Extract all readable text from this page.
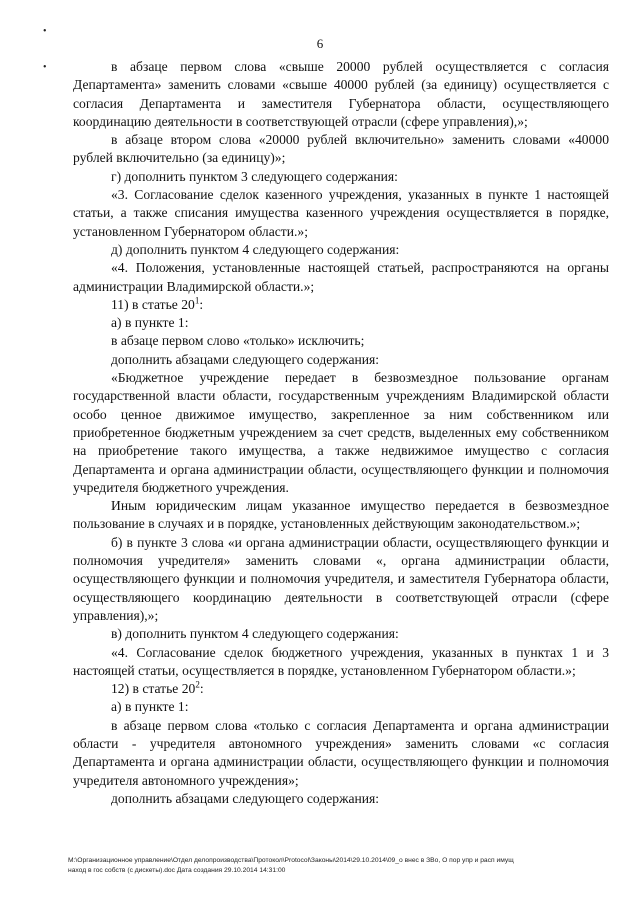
•
•
6

в абзаце первом слова «свыше 20000 рублей осуществляется с согласия Департамента» заменить словами «свыше 40000 рублей (за единицу) осуществляется с согласия Департамента и заместителя Губернатора области, осуществляющего координацию деятельности в соответствующей отрасли (сфере управления),»;

в абзаце втором слова «20000 рублей включительно» заменить словами «40000 рублей включительно (за единицу)»;

г) дополнить пунктом 3 следующего содержания:

«3. Согласование сделок казенного учреждения, указанных в пункте 1 настоящей статьи, а также списания имущества казенного учреждения осуществляется в порядке, установленном Губернатором области.»;

д) дополнить пунктом 4 следующего содержания:

«4. Положения, установленные настоящей статьей, распространяются на органы администрации Владимирской области.»;

11) в статье $20^1$:

а) в пункте 1:

в абзаце первом слово «только» исключить;

дополнить абзацами следующего содержания:

«Бюджетное учреждение передает в безвозмездное пользование органам государственной власти области, государственным учреждениям Владимирской области особо ценное движимое имущество, закрепленное за ним собственником или приобретенное бюджетным учреждением за счет средств, выделенных ему собственником на приобретение такого имущества, а также недвижимое имущество с согласия Департамента и органа администрации области, осуществляющего функции и полномочия учредителя бюджетного учреждения.

Иным юридическим лицам указанное имущество передается в безвозмездное пользование в случаях и в порядке, установленных действующим законодательством.»;

б) в пункте 3 слова «и органа администрации области, осуществляющего функции и полномочия учредителя» заменить словами «, органа администрации области, осуществляющего функции и полномочия учредителя, и заместителя Губернатора области, осуществляющего координацию деятельности в соответствующей отрасли (сфере управления),»;

в) дополнить пунктом 4 следующего содержания:

«4. Согласование сделок бюджетного учреждения, указанных в пунктах 1 и 3 настоящей статьи, осуществляется в порядке, установленном Губернатором области.»;

12) в статье $20^2$:

а) в пункте 1:

в абзаце первом слова «только с согласия Департамента и органа администрации области - учредителя автономного учреждения» заменить словами «с согласия Департамента и органа администрации области, осуществляющего функции и полномочия учредителя автономного учреждения»;

дополнить абзацами следующего содержания:

M:\Организационное управление\Отдел делопроизводства\Протокол\Protocol\Законы\2014\29.10.2014\09_о внес в ЗВо, О пор упр и расп имущ
наход в гос собств (с дискеты).doc Дата создания 29.10.2014 14:31:00
